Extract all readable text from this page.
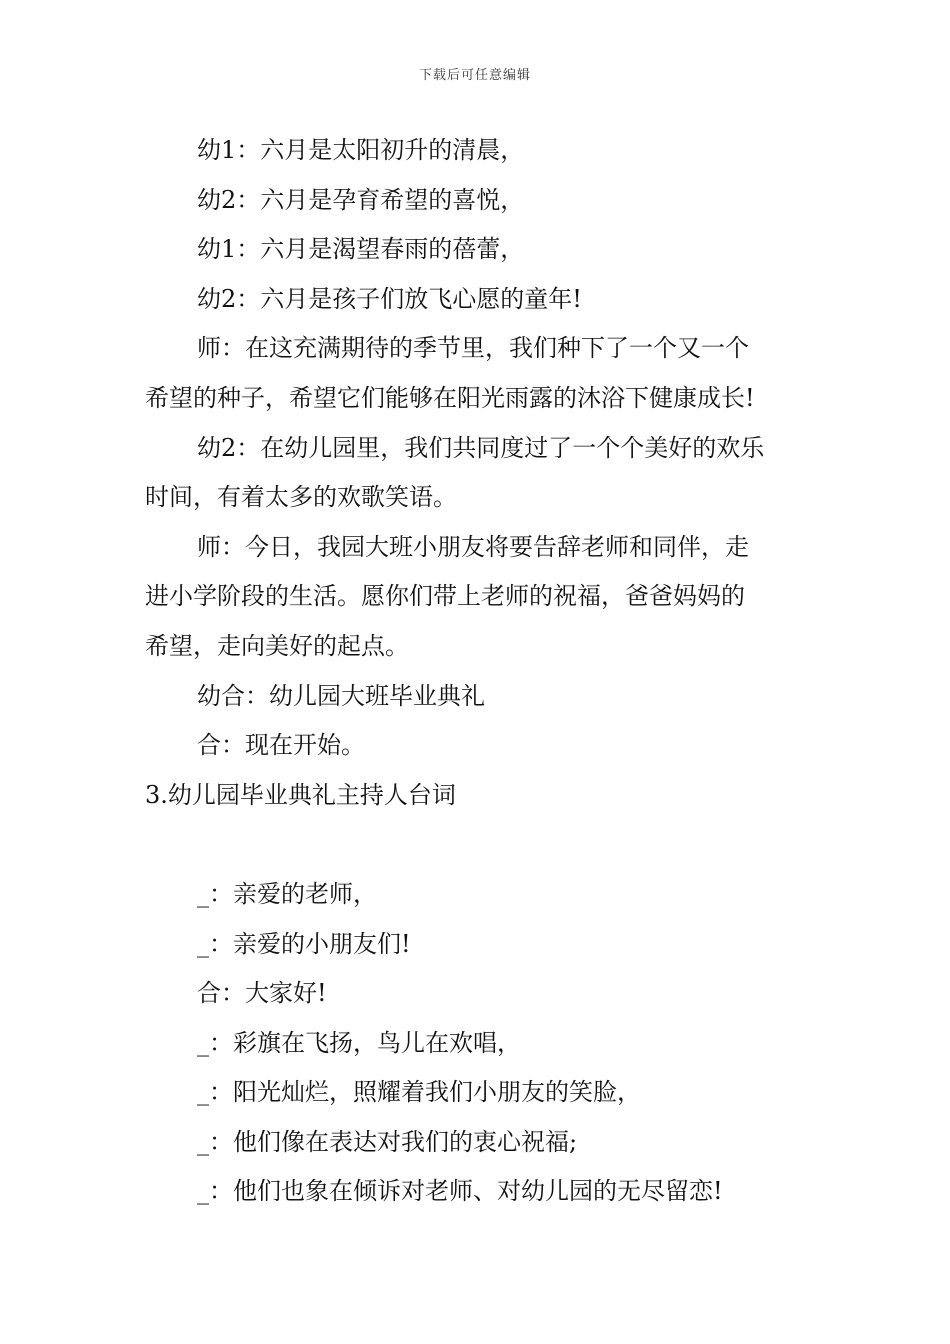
下载后可任意编辑

幼1：六月是太阳初升的清晨，

幼2：六月是孕育希望的喜悦，

幼1：六月是渴望春雨的蓓蕾，

幼2：六月是孩子们放飞心愿的童年!

师：在这充满期待的季节里，我们种下了一个又一个

希望的种子，希望它们能够在阳光雨露的沐浴下健康成长!

幼2：在幼儿园里，我们共同度过了一个个美好的欢乐

时间，有着太多的欢歌笑语。

师：今日，我园大班小朋友将要告辞老师和同伴，走

进小学阶段的生活。愿你们带上老师的祝福，爸爸妈妈的

希望，走向美好的起点。

幼合：幼儿园大班毕业典礼

合：现在开始。

3.幼儿园毕业典礼主持人台词

_：亲爱的老师，

_：亲爱的小朋友们!

合：大家好!

_：彩旗在飞扬，鸟儿在欢唱，

_：阳光灿烂，照耀着我们小朋友的笑脸，

_：他们像在表达对我们的衷心祝福;

_：他们也象在倾诉对老师、对幼儿园的无尽留恋!
